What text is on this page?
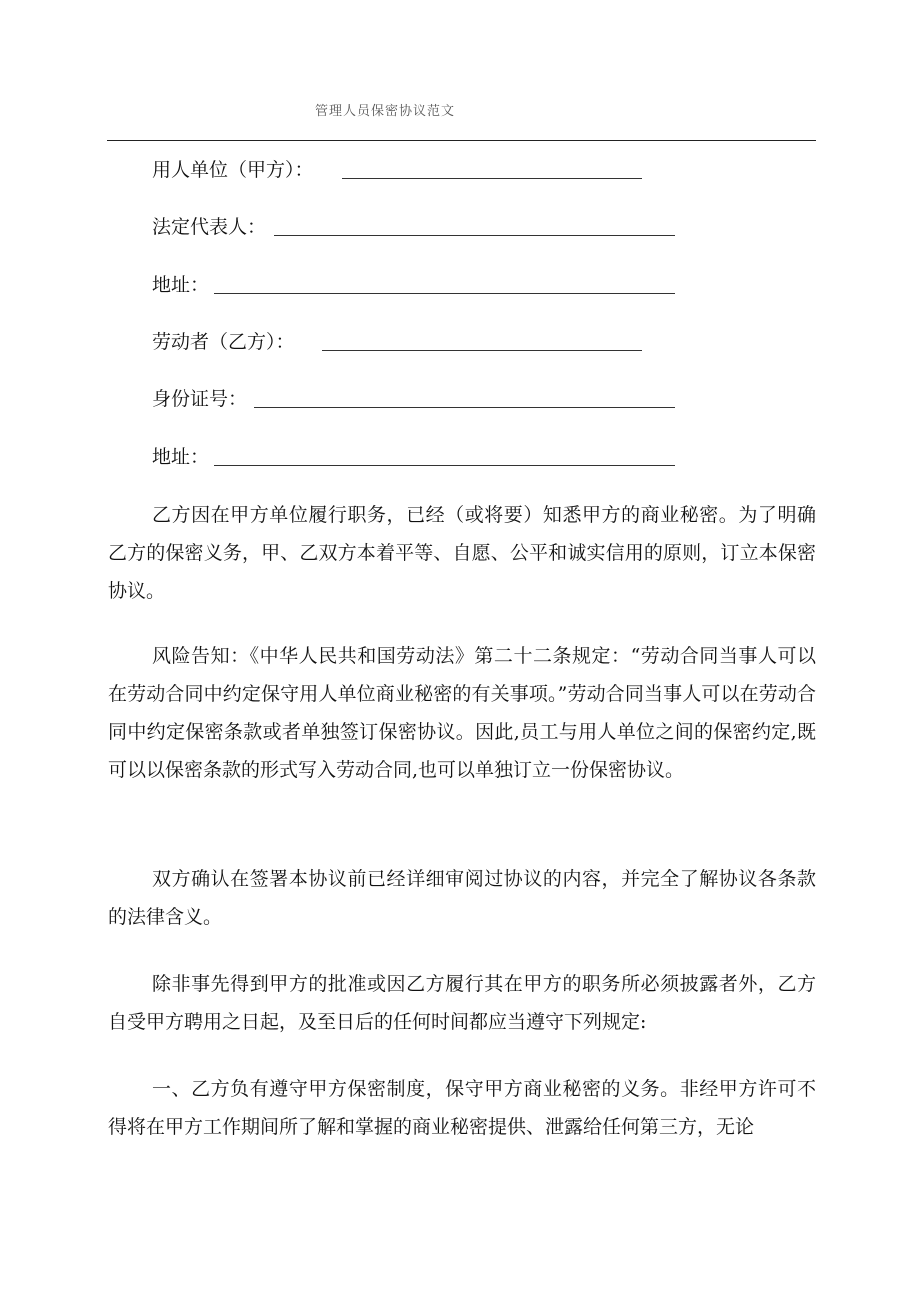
管理人员保密协议范文
用人单位（甲方）：
法定代表人：
地址：
劳动者（乙方）：
身份证号：
地址：

乙方因在甲方单位履行职务，已经（或将要）知悉甲方的商业秘密。为了明确乙方的保密义务，甲、乙双方本着平等、自愿、公平和诚实信用的原则，订立本保密协议。

风险告知：《中华人民共和国劳动法》第二十二条规定：“劳动合同当事人可以在劳动合同中约定保守用人单位商业秘密的有关事项。”劳动合同当事人可以在劳动合同中约定保密条款或者单独签订保密协议。因此,员工与用人单位之间的保密约定,既可以以保密条款的形式写入劳动合同,也可以单独订立一份保密协议。

双方确认在签署本协议前已经详细审阅过协议的内容，并完全了解协议各条款的法律含义。

除非事先得到甲方的批准或因乙方履行其在甲方的职务所必须披露者外，乙方自受甲方聘用之日起，及至日后的任何时间都应当遵守下列规定:

一、乙方负有遵守甲方保密制度，保守甲方商业秘密的义务。非经甲方许可不得将在甲方工作期间所了解和掌握的商业秘密提供、泄露给任何第三方，无论
